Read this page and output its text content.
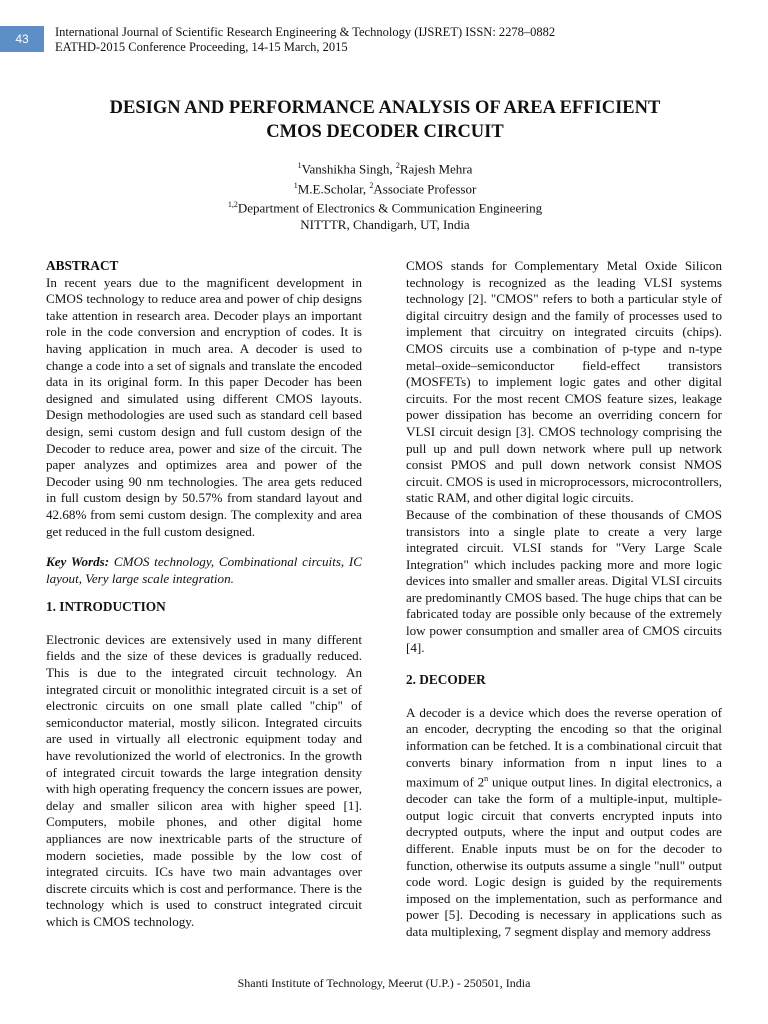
43	International Journal of Scientific Research Engineering & Technology (IJSRET) ISSN: 2278–0882
EATHD-2015 Conference Proceeding, 14-15 March, 2015
DESIGN AND PERFORMANCE ANALYSIS OF AREA EFFICIENT
CMOS DECODER CIRCUIT
$^1$Vanshikha Singh, $^2$Rajesh Mehra
$^1$M.E.Scholar, $^2$Associate Professor
$^{1,2}$Department of Electronics & Communication Engineering
NITTTR, Chandigarh, UT, India

ABSTRACT

In recent years due to the magnificent development in CMOS technology to reduce area and power of chip designs take attention in research area. Decoder plays an important role in the code conversion and encryption of codes. It is having application in much area. A decoder is used to change a code into a set of signals and translate the encoded data in its original form. In this paper Decoder has been designed and simulated using different CMOS layouts. Design methodologies are used such as standard cell based design, semi custom design and full custom design of the Decoder to reduce area, power and size of the circuit. The paper analyzes and optimizes area and power of the Decoder using 90 nm technologies. The area gets reduced in full custom design by 50.57% from standard layout and 42.68% from semi custom design. The complexity and area get reduced in the full custom designed.

Key Words: CMOS technology, Combinational circuits, IC layout, Very large scale integration.

1. INTRODUCTION

Electronic devices are extensively used in many different fields and the size of these devices is gradually reduced. This is due to the integrated circuit technology. An integrated circuit or monolithic integrated circuit is a set of electronic circuits on one small plate called "chip" of semiconductor material, mostly silicon. Integrated circuits are used in virtually all electronic equipment today and have revolutionized the world of electronics. In the growth of integrated circuit towards the large integration density with high operating frequency the concern issues are power, delay and smaller silicon area with higher speed [1]. Computers, mobile phones, and other digital home appliances are now inextricable parts of the structure of modern societies, made possible by the low cost of integrated circuits. ICs have two main advantages over discrete circuits which is cost and performance. There is the technology which is used to construct integrated circuit which is CMOS technology.

CMOS stands for Complementary Metal Oxide Silicon technology is recognized as the leading VLSI systems technology [2]. "CMOS" refers to both a particular style of digital circuitry design and the family of processes used to implement that circuitry on integrated circuits (chips). CMOS circuits use a combination of p-type and n-type metal–oxide–semiconductor field-effect transistors (MOSFETs) to implement logic gates and other digital circuits. For the most recent CMOS feature sizes, leakage power dissipation has become an overriding concern for VLSI circuit design [3]. CMOS technology comprising the pull up and pull down network where pull up network consist PMOS and pull down network consist NMOS circuit. CMOS is used in microprocessors, microcontrollers, static RAM, and other digital logic circuits.

Because of the combination of these thousands of CMOS transistors into a single plate to create a very large integrated circuit. VLSI stands for "Very Large Scale Integration" which includes packing more and more logic devices into smaller and smaller areas. Digital VLSI circuits are predominantly CMOS based. The huge chips that can be fabricated today are possible only because of the extremely low power consumption and smaller area of CMOS circuits [4].

2. DECODER

A decoder is a device which does the reverse operation of an encoder, decrypting the encoding so that the original information can be fetched. It is a combinational circuit that converts binary information from n input lines to a maximum of 2$^n$ unique output lines. In digital electronics, a decoder can take the form of a multiple-input, multiple-output logic circuit that converts encrypted inputs into decrypted outputs, where the input and output codes are different. Enable inputs must be on for the decoder to function, otherwise its outputs assume a single "null" output code word. Logic design is guided by the requirements imposed on the implementation, such as performance and power [5]. Decoding is necessary in applications such as data multiplexing, 7 segment display and memory address

Shanti Institute of Technology, Meerut (U.P.) - 250501, India
